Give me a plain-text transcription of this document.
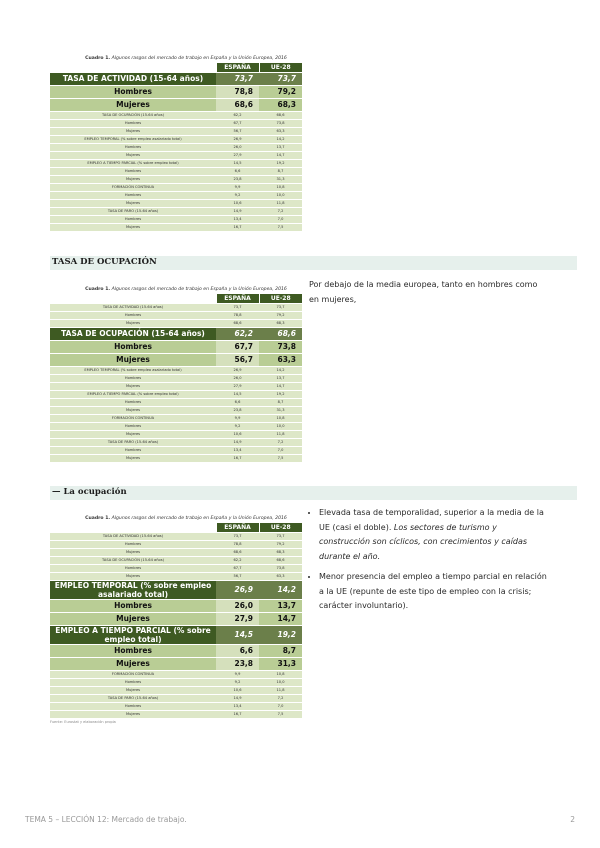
Cuadro 1. Algunos rasgos del mercado de trabajo en España y la Unión Europea, 2016
	ESPAÑA	UE-28
TASA DE ACTIVIDAD (15-64 años)	73,7	73,7
Hombres	78,8	79,2
Mujeres	68,6	68,3
TASA DE OCUPACIÓN (15-64 años)	62,2	68,6
Hombres	67,7	73,8
Mujeres	56,7	63,3
EMPLEO TEMPORAL (% sobre empleo asalariado total)	26,9	14,2
Hombres	26,0	13,7
Mujeres	27,9	14,7
EMPLEO A TIEMPO PARCIAL (% sobre empleo total)	14,5	19,2
Hombres	6,6	8,7
Mujeres	23,8	31,3
FORMACIÓN CONTINUA	9,9	10,8
Hombres	9,2	10,0
Mujeres	10,6	11,8
TASA DE PARO (15-64 años)	14,9	7,2
Hombres	13,4	7,0
Mujeres	16,7	7,5
TASA DE OCUPACIÓN
Cuadro 1. Algunos rasgos del mercado de trabajo en España y la Unión Europea, 2016
	ESPAÑA	UE-28
TASA DE ACTIVIDAD (15-64 años)	73,7	73,7
Hombres	78,8	79,2
Mujeres	68,6	68,3
TASA DE OCUPACIÓN (15-64 años)	62,2	68,6
Hombres	67,7	73,8
Mujeres	56,7	63,3
EMPLEO TEMPORAL (% sobre empleo asalariado total)	26,9	14,2
Hombres	26,0	13,7
Mujeres	27,9	14,7
EMPLEO A TIEMPO PARCIAL (% sobre empleo total)	14,5	19,2
Hombres	6,6	8,7
Mujeres	23,8	31,3
FORMACIÓN CONTINUA	9,9	10,8
Hombres	9,2	10,0
Mujeres	10,6	11,8
TASA DE PARO (15-64 años)	14,9	7,2
Hombres	13,4	7,0
Mujeres	16,7	7,5
Por debajo de la media europea, tanto en hombres como en mujeres,
— La ocupación
Cuadro 1. Algunos rasgos del mercado de trabajo en España y la Unión Europea, 2016
	ESPAÑA	UE-28
TASA DE ACTIVIDAD (15-64 años)	73,7	73,7
Hombres	78,8	79,2
Mujeres	68,6	68,3
TASA DE OCUPACIÓN (15-64 años)	62,2	68,6
Hombres	67,7	73,8
Mujeres	56,7	63,3
EMPLEO TEMPORAL (% sobre empleo asalariado total)	26,9	14,2
Hombres	26,0	13,7
Mujeres	27,9	14,7
EMPLEO A TIEMPO PARCIAL (% sobre empleo total)	14,5	19,2
Hombres	6,6	8,7
Mujeres	23,8	31,3
FORMACIÓN CONTINUA	9,9	10,8
Hombres	9,2	10,0
Mujeres	10,6	11,8
TASA DE PARO (15-64 años)	14,9	7,2
Hombres	13,4	7,0
Mujeres	16,7	7,5
Fuente: Eurostat y elaboración propia
• Elevada tasa de temporalidad, superior a la media de la UE (casi el doble). Los sectores de turismo y construcción son cíclicos, con crecimientos y caídas durante el año.
• Menor presencia del empleo a tiempo parcial en relación a la UE (repunte de este tipo de empleo con la crisis; carácter involuntario).
TEMA 5 – LECCIÓN 12: Mercado de trabajo.	2
